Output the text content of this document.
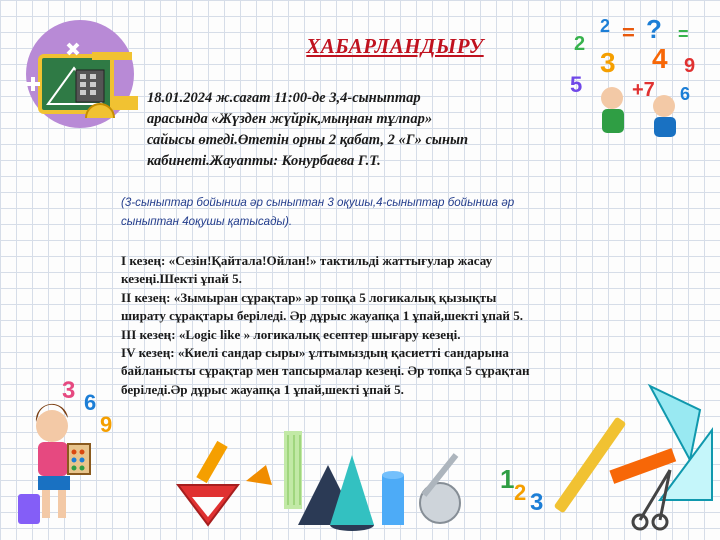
2
2 = ? =
3 4 9
5 +7 6
3 6
9
1 2 3
ХАБАРЛАНДЫРУ
18.01.2024 ж.сағат 11:00-де 3,4-сыныптар
арасында «Жүзден жүйрік,мыңнан тұлпар»
сайысы өтеді.Өтетін орны 2 қабат, 2 «Г» сынып
кабинеті.Жауапты: Конурбаева Г.Т.
(3-сыныптар бойынша әр сыныптан 3 оқушы,4-сыныптар бойынша әр
сыныптан 4оқушы қатысады).
І кезең: «Сезін!Қайтала!Ойлан!» тактильді жаттығулар жасау
кезеңі.Шекті ұпай 5.
ІІ кезең: «Зымыран сұрақтар» әр топқа 5 логикалық қызықты
ширату сұрақтары беріледі. Әр дұрыс жауапқа 1 ұпай,шекті ұпай 5.
ІІІ кезең: «Logic like » логикалық есептер шығару кезеңі.
ІV кезең: «Киелі сандар сыры» ұлтымыздың қасиетті сандарына
байланысты сұрақтар мен тапсырмалар кезеңі. Әр топқа 5 сұрақтан
беріледі.Әр дұрыс жауапқа 1 ұпай,шекті ұпай 5.
